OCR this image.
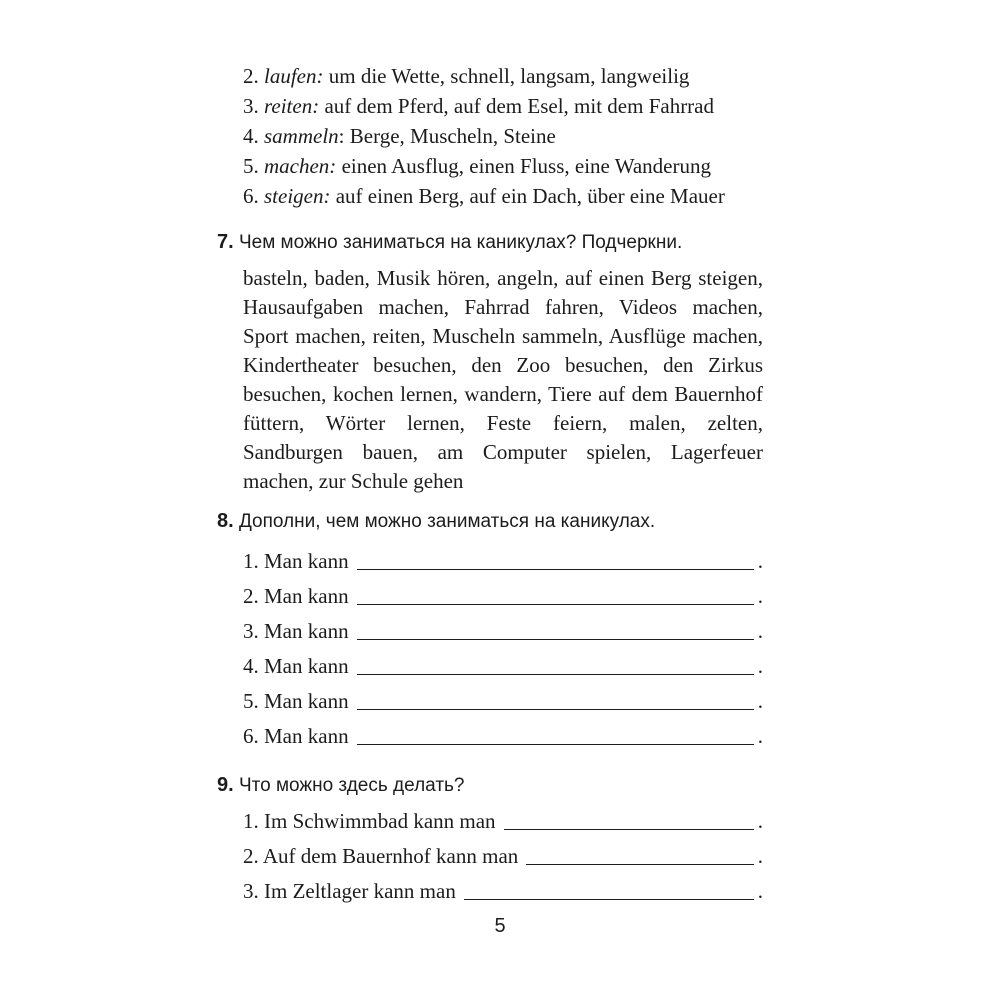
2. laufen: um die Wette, schnell, langsam, langweilig
3. reiten: auf dem Pferd, auf dem Esel, mit dem Fahrrad
4. sammeln: Berge, Muscheln, Steine
5. machen: einen Ausflug, einen Fluss, eine Wanderung
6. steigen: auf einen Berg, auf ein Dach, über eine Mauer
7. Чем можно заниматься на каникулах? Подчеркни.
basteln, baden, Musik hören, angeln, auf einen Berg steigen, Hausaufgaben machen, Fahrrad fahren, Videos machen, Sport machen, reiten, Muscheln sammeln, Ausflüge machen, Kindertheater besuchen, den Zoo besuchen, den Zirkus besuchen, kochen lernen, wandern, Tiere auf dem Bauernhof füttern, Wörter lernen, Feste feiern, malen, zelten, Sandburgen bauen, am Computer spielen, Lagerfeuer machen, zur Schule gehen
8. Дополни, чем можно заниматься на каникулах.
1. Man kann	.
2. Man kann	.
3. Man kann	.
4. Man kann	.
5. Man kann	.
6. Man kann	.
9. Что можно здесь делать?
1. Im Schwimmbad kann man	.
2. Auf dem Bauernhof kann man	.
3. Im Zeltlager kann man	.
5
